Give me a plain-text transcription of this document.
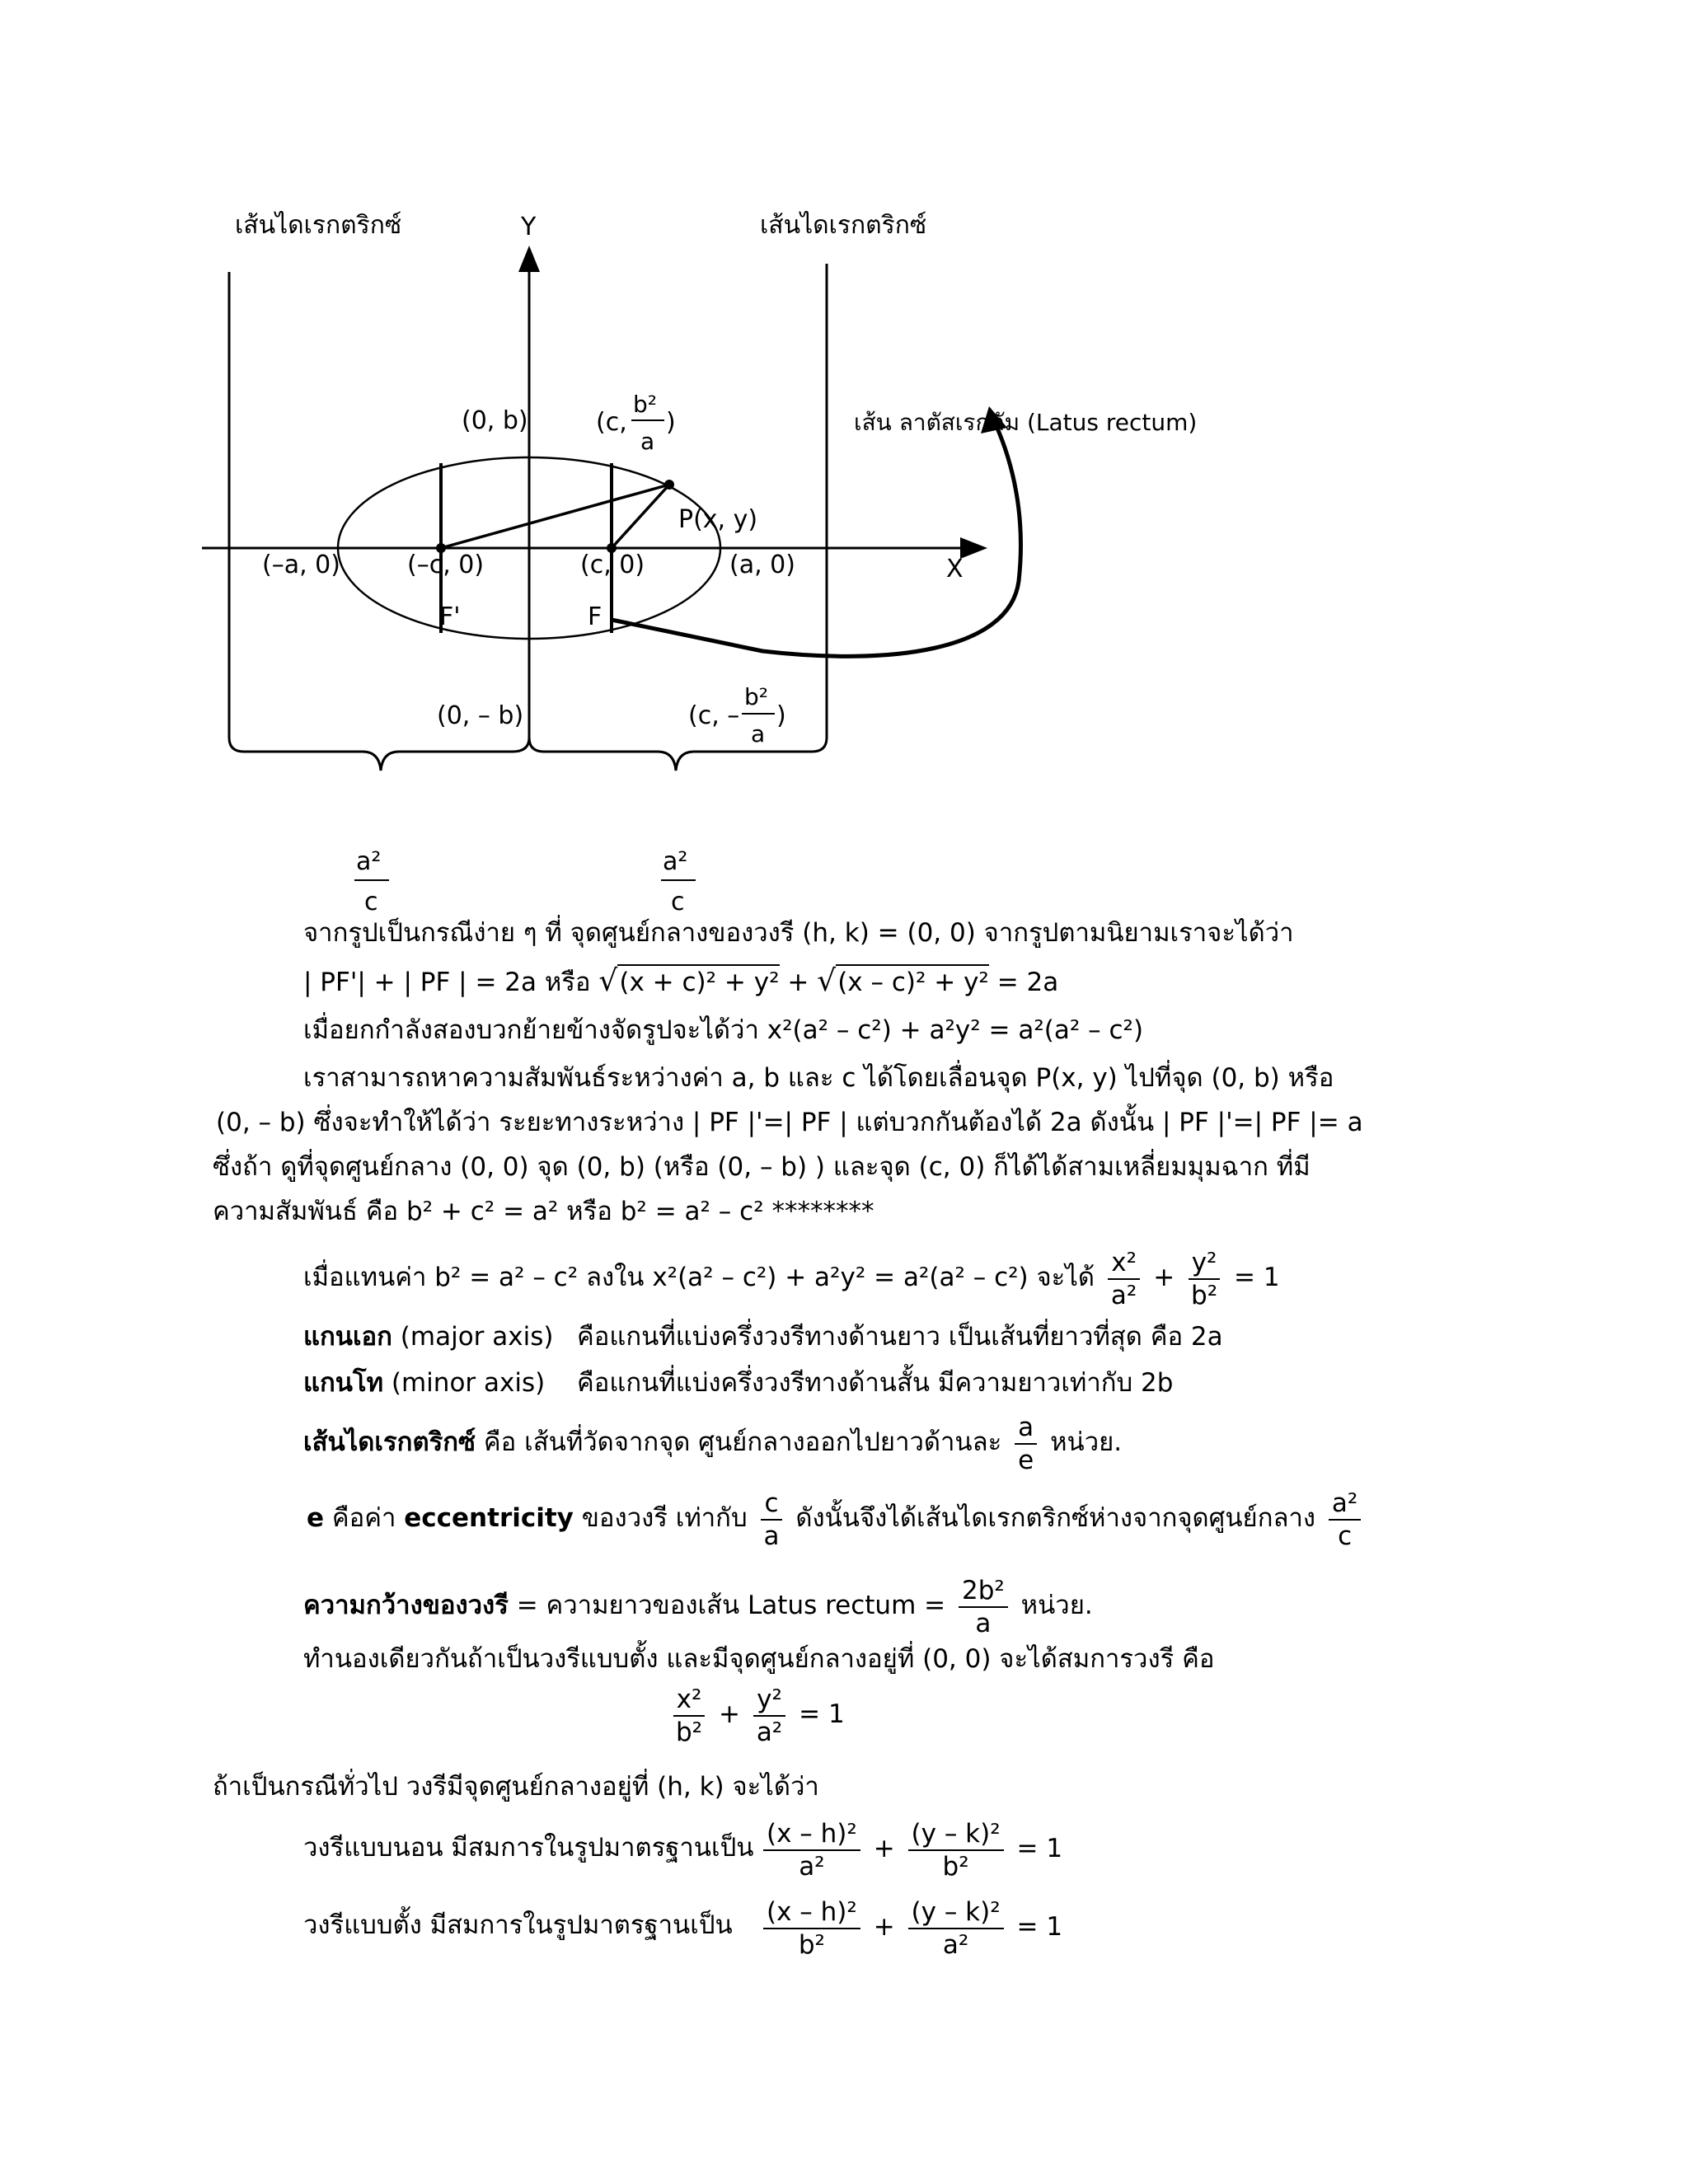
เส้นไดเรกตริกซ์	เส้นไดเรกตริกซ์
Y
X
เส้น ลาตัสเรกตัม (Latus rectum)
(0, b)	(c,
b²
a
)
P(x, y)
(–a, 0)	(–c, 0)	(c, 0)	(a, 0)
F'	F
(0, – b)	(c, –
b²
a
)
a²
c
a²
c
จากรูปเป็นกรณีง่าย ๆ ที่ จุดศูนย์กลางของวงรี (h, k) = (0, 0) จากรูปตามนิยามเราจะได้ว่า
| PF'| + | PF | = 2a หรือ √(x + c)² + y² + √(x – c)² + y² = 2a
เมื่อยกกำลังสองบวกย้ายข้างจัดรูปจะได้ว่า x²(a² – c²) + a²y² = a²(a² – c²)
เราสามารถหาความสัมพันธ์ระหว่างค่า a, b และ c ได้โดยเลื่อนจุด P(x, y) ไปที่จุด (0, b) หรือ
(0, – b) ซึ่งจะทำให้ได้ว่า ระยะทางระหว่าง | PF |'=| PF | แต่บวกกันต้องได้ 2a ดังนั้น | PF |'=| PF |= a
ซึ่งถ้า ดูที่จุดศูนย์กลาง (0, 0) จุด (0, b) (หรือ (0, – b) ) และจุด (c, 0) ก็ได้ได้สามเหลี่ยมมุมฉาก ที่มี
ความสัมพันธ์ คือ b² + c² = a² หรือ b² = a² – c² ********
เมื่อแทนค่า b² = a² – c² ลงใน x²(a² – c²) + a²y² = a²(a² – c²) จะได้ $\frac{\text{x²}}{\text{a²}} + \frac{\text{y²}}{\text{b²}} = 1$
แกนเอก (major axis) คือแกนที่แบ่งครึ่งวงรีทางด้านยาว เป็นเส้นที่ยาวที่สุด คือ 2a
แกนโท (minor axis) คือแกนที่แบ่งครึ่งวงรีทางด้านสั้น มีความยาวเท่ากับ 2b
เส้นไดเรกตริกซ์ คือ เส้นที่วัดจากจุด ศูนย์กลางออกไปยาวด้านละ $\frac{a}{e}$ หน่วย.
e คือค่า eccentricity ของวงรี เท่ากับ $\frac{c}{a}$ ดังนั้นจึงได้เส้นไดเรกตริกซ์ห่างจากจุดศูนย์กลาง $\frac{\text{a²}}{c}$
ความกว้างของวงรี = ความยาวของเส้น Latus rectum = $\frac{\text{2b²}}{a}$ หน่วย.
ทำนองเดียวกันถ้าเป็นวงรีแบบตั้ง และมีจุดศูนย์กลางอยู่ที่ (0, 0) จะได้สมการวงรี คือ
$\frac{\text{x²}}{\text{b²}} + \frac{\text{y²}}{\text{a²}} = 1$
ถ้าเป็นกรณีทั่วไป วงรีมีจุดศูนย์กลางอยู่ที่ (h, k) จะได้ว่า
วงรีแบบนอน มีสมการในรูปมาตรฐานเป็น $\frac{\text{(x – h)²}}{\text{a²}} + \frac{\text{(y – k)²}}{\text{b²}} = 1$
วงรีแบบตั้ง มีสมการในรูปมาตรฐานเป็น $\frac{\text{(x – h)²}}{\text{b²}} + \frac{\text{(y – k)²}}{\text{a²}} = 1$
